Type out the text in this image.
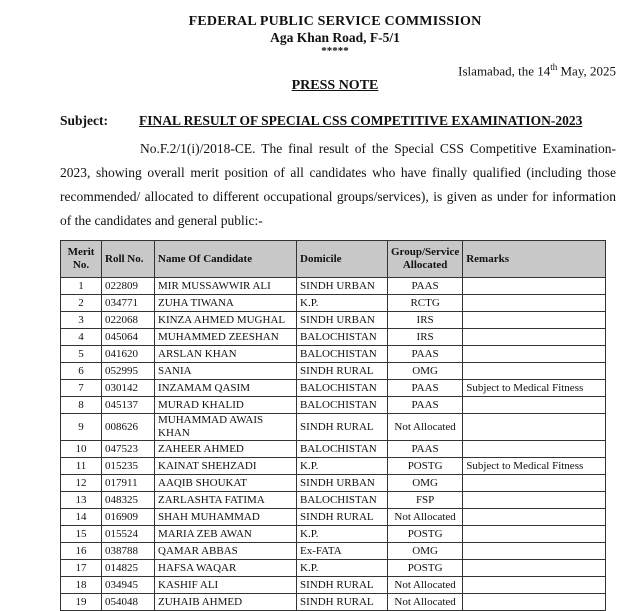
FEDERAL PUBLIC SERVICE COMMISSION
Aga Khan Road, F-5/1
*****
Islamabad, the 14th May, 2025
PRESS NOTE
Subject: FINAL RESULT OF SPECIAL CSS COMPETITIVE EXAMINATION-2023
No.F.2/1(i)/2018-CE. The final result of the Special CSS Competitive Examination-2023, showing overall merit position of all candidates who have finally qualified (including those recommended/ allocated to different occupational groups/services), is given as under for information of the candidates and general public:-
Merit No.	Roll No.	Name Of Candidate	Domicile	Group/Service Allocated	Remarks
1	022809	MIR MUSSAWWIR ALI	SINDH URBAN	PAAS	
2	034771	ZUHA TIWANA	K.P.	RCTG	
3	022068	KINZA AHMED MUGHAL	SINDH URBAN	IRS	
4	045064	MUHAMMED ZEESHAN	BALOCHISTAN	IRS	
5	041620	ARSLAN KHAN	BALOCHISTAN	PAAS	
6	052995	SANIA	SINDH RURAL	OMG	
7	030142	INZAMAM QASIM	BALOCHISTAN	PAAS	Subject to Medical Fitness
8	045137	MURAD KHALID	BALOCHISTAN	PAAS	
9	008626	MUHAMMAD AWAIS KHAN	SINDH RURAL	Not Allocated	
10	047523	ZAHEER AHMED	BALOCHISTAN	PAAS	
11	015235	KAINAT SHEHZADI	K.P.	POSTG	Subject to Medical Fitness
12	017911	AAQIB SHOUKAT	SINDH URBAN	OMG	
13	048325	ZARLASHTA FATIMA	BALOCHISTAN	FSP	
14	016909	SHAH MUHAMMAD	SINDH RURAL	Not Allocated	
15	015524	MARIA ZEB AWAN	K.P.	POSTG	
16	038788	QAMAR ABBAS	Ex-FATA	OMG	
17	014825	HAFSA WAQAR	K.P.	POSTG	
18	034945	KASHIF ALI	SINDH RURAL	Not Allocated	
19	054048	ZUHAIB AHMED	SINDH RURAL	Not Allocated	
